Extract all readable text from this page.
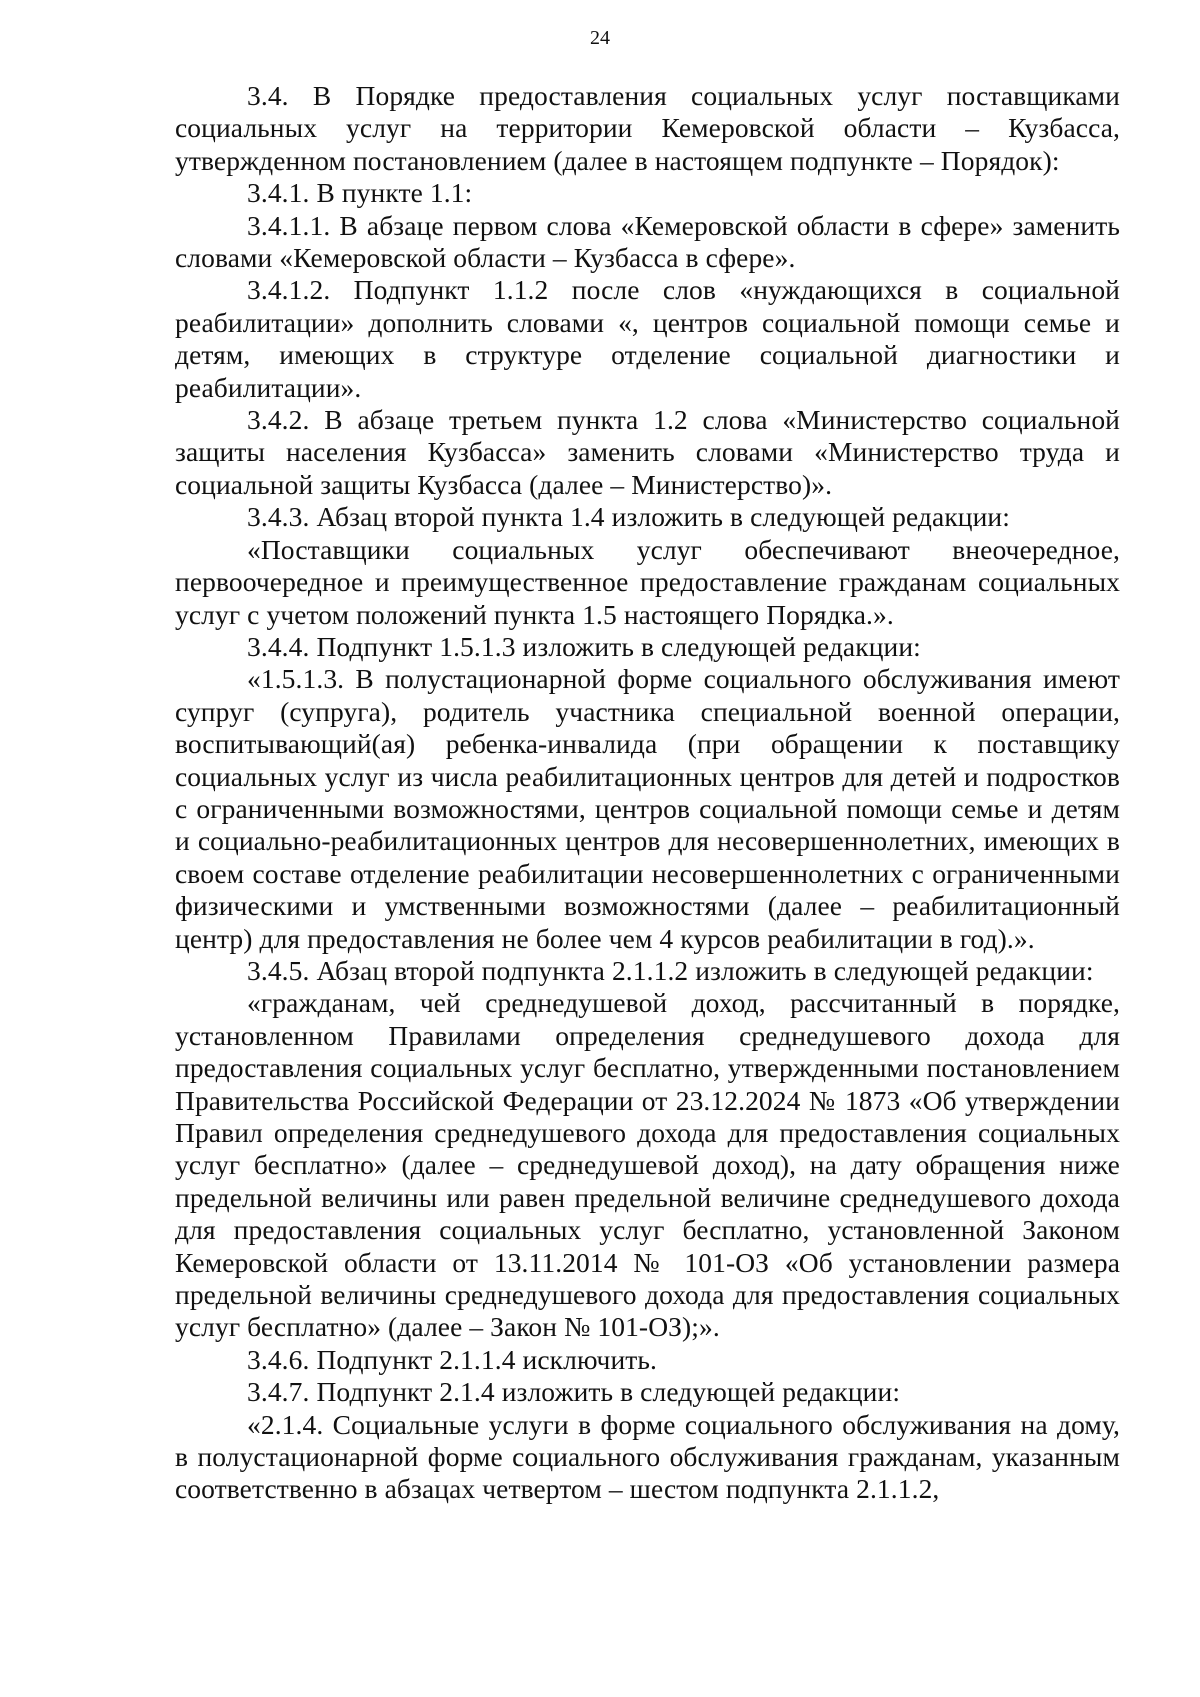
24

3.4. В Порядке предоставления социальных услуг поставщиками социальных услуг на территории Кемеровской области – Кузбасса, утвержденном постановлением (далее в настоящем подпункте – Порядок):

3.4.1. В пункте 1.1:

3.4.1.1. В абзаце первом слова «Кемеровской области в сфере» заменить словами «Кемеровской области – Кузбасса в сфере».

3.4.1.2. Подпункт 1.1.2 после слов «нуждающихся в социальной реабилитации» дополнить словами «, центров социальной помощи семье и детям, имеющих в структуре отделение социальной диагностики и реабилитации».

3.4.2. В абзаце третьем пункта 1.2 слова «Министерство социальной защиты населения Кузбасса» заменить словами «Министерство труда и социальной защиты Кузбасса (далее – Министерство)».

3.4.3. Абзац второй пункта 1.4 изложить в следующей редакции:

«Поставщики социальных услуг обеспечивают внеочередное, первоочередное и преимущественное предоставление гражданам социальных услуг с учетом положений пункта 1.5 настоящего Порядка.».

3.4.4. Подпункт 1.5.1.3 изложить в следующей редакции:

«1.5.1.3. В полустационарной форме социального обслуживания имеют супруг (супруга), родитель участника специальной военной операции, воспитывающий(ая) ребенка-инвалида (при обращении к поставщику социальных услуг из числа реабилитационных центров для детей и подростков с ограниченными возможностями, центров социальной помощи семье и детям и социально-реабилитационных центров для несовершеннолетних, имеющих в своем составе отделение реабилитации несовершеннолетних с ограниченными физическими и умственными возможностями (далее – реабилитационный центр) для предоставления не более чем 4 курсов реабилитации в год).».

3.4.5. Абзац второй подпункта 2.1.1.2 изложить в следующей редакции:

«гражданам, чей среднедушевой доход, рассчитанный в порядке, установленном Правилами определения среднедушевого дохода для предоставления социальных услуг бесплатно, утвержденными постановлением Правительства Российской Федерации от 23.12.2024 № 1873 «Об утверждении Правил определения среднедушевого дохода для предоставления социальных услуг бесплатно» (далее – среднедушевой доход), на дату обращения ниже предельной величины или равен предельной величине среднедушевого дохода для предоставления социальных услуг бесплатно, установленной Законом Кемеровской области от 13.11.2014 № 101-ОЗ «Об установлении размера предельной величины среднедушевого дохода для предоставления социальных услуг бесплатно» (далее – Закон № 101-ОЗ);».

3.4.6. Подпункт 2.1.1.4 исключить.

3.4.7. Подпункт 2.1.4 изложить в следующей редакции:

«2.1.4. Социальные услуги в форме социального обслуживания на дому, в полустационарной форме социального обслуживания гражданам, указанным соответственно в абзацах четвертом – шестом подпункта 2.1.1.2,
